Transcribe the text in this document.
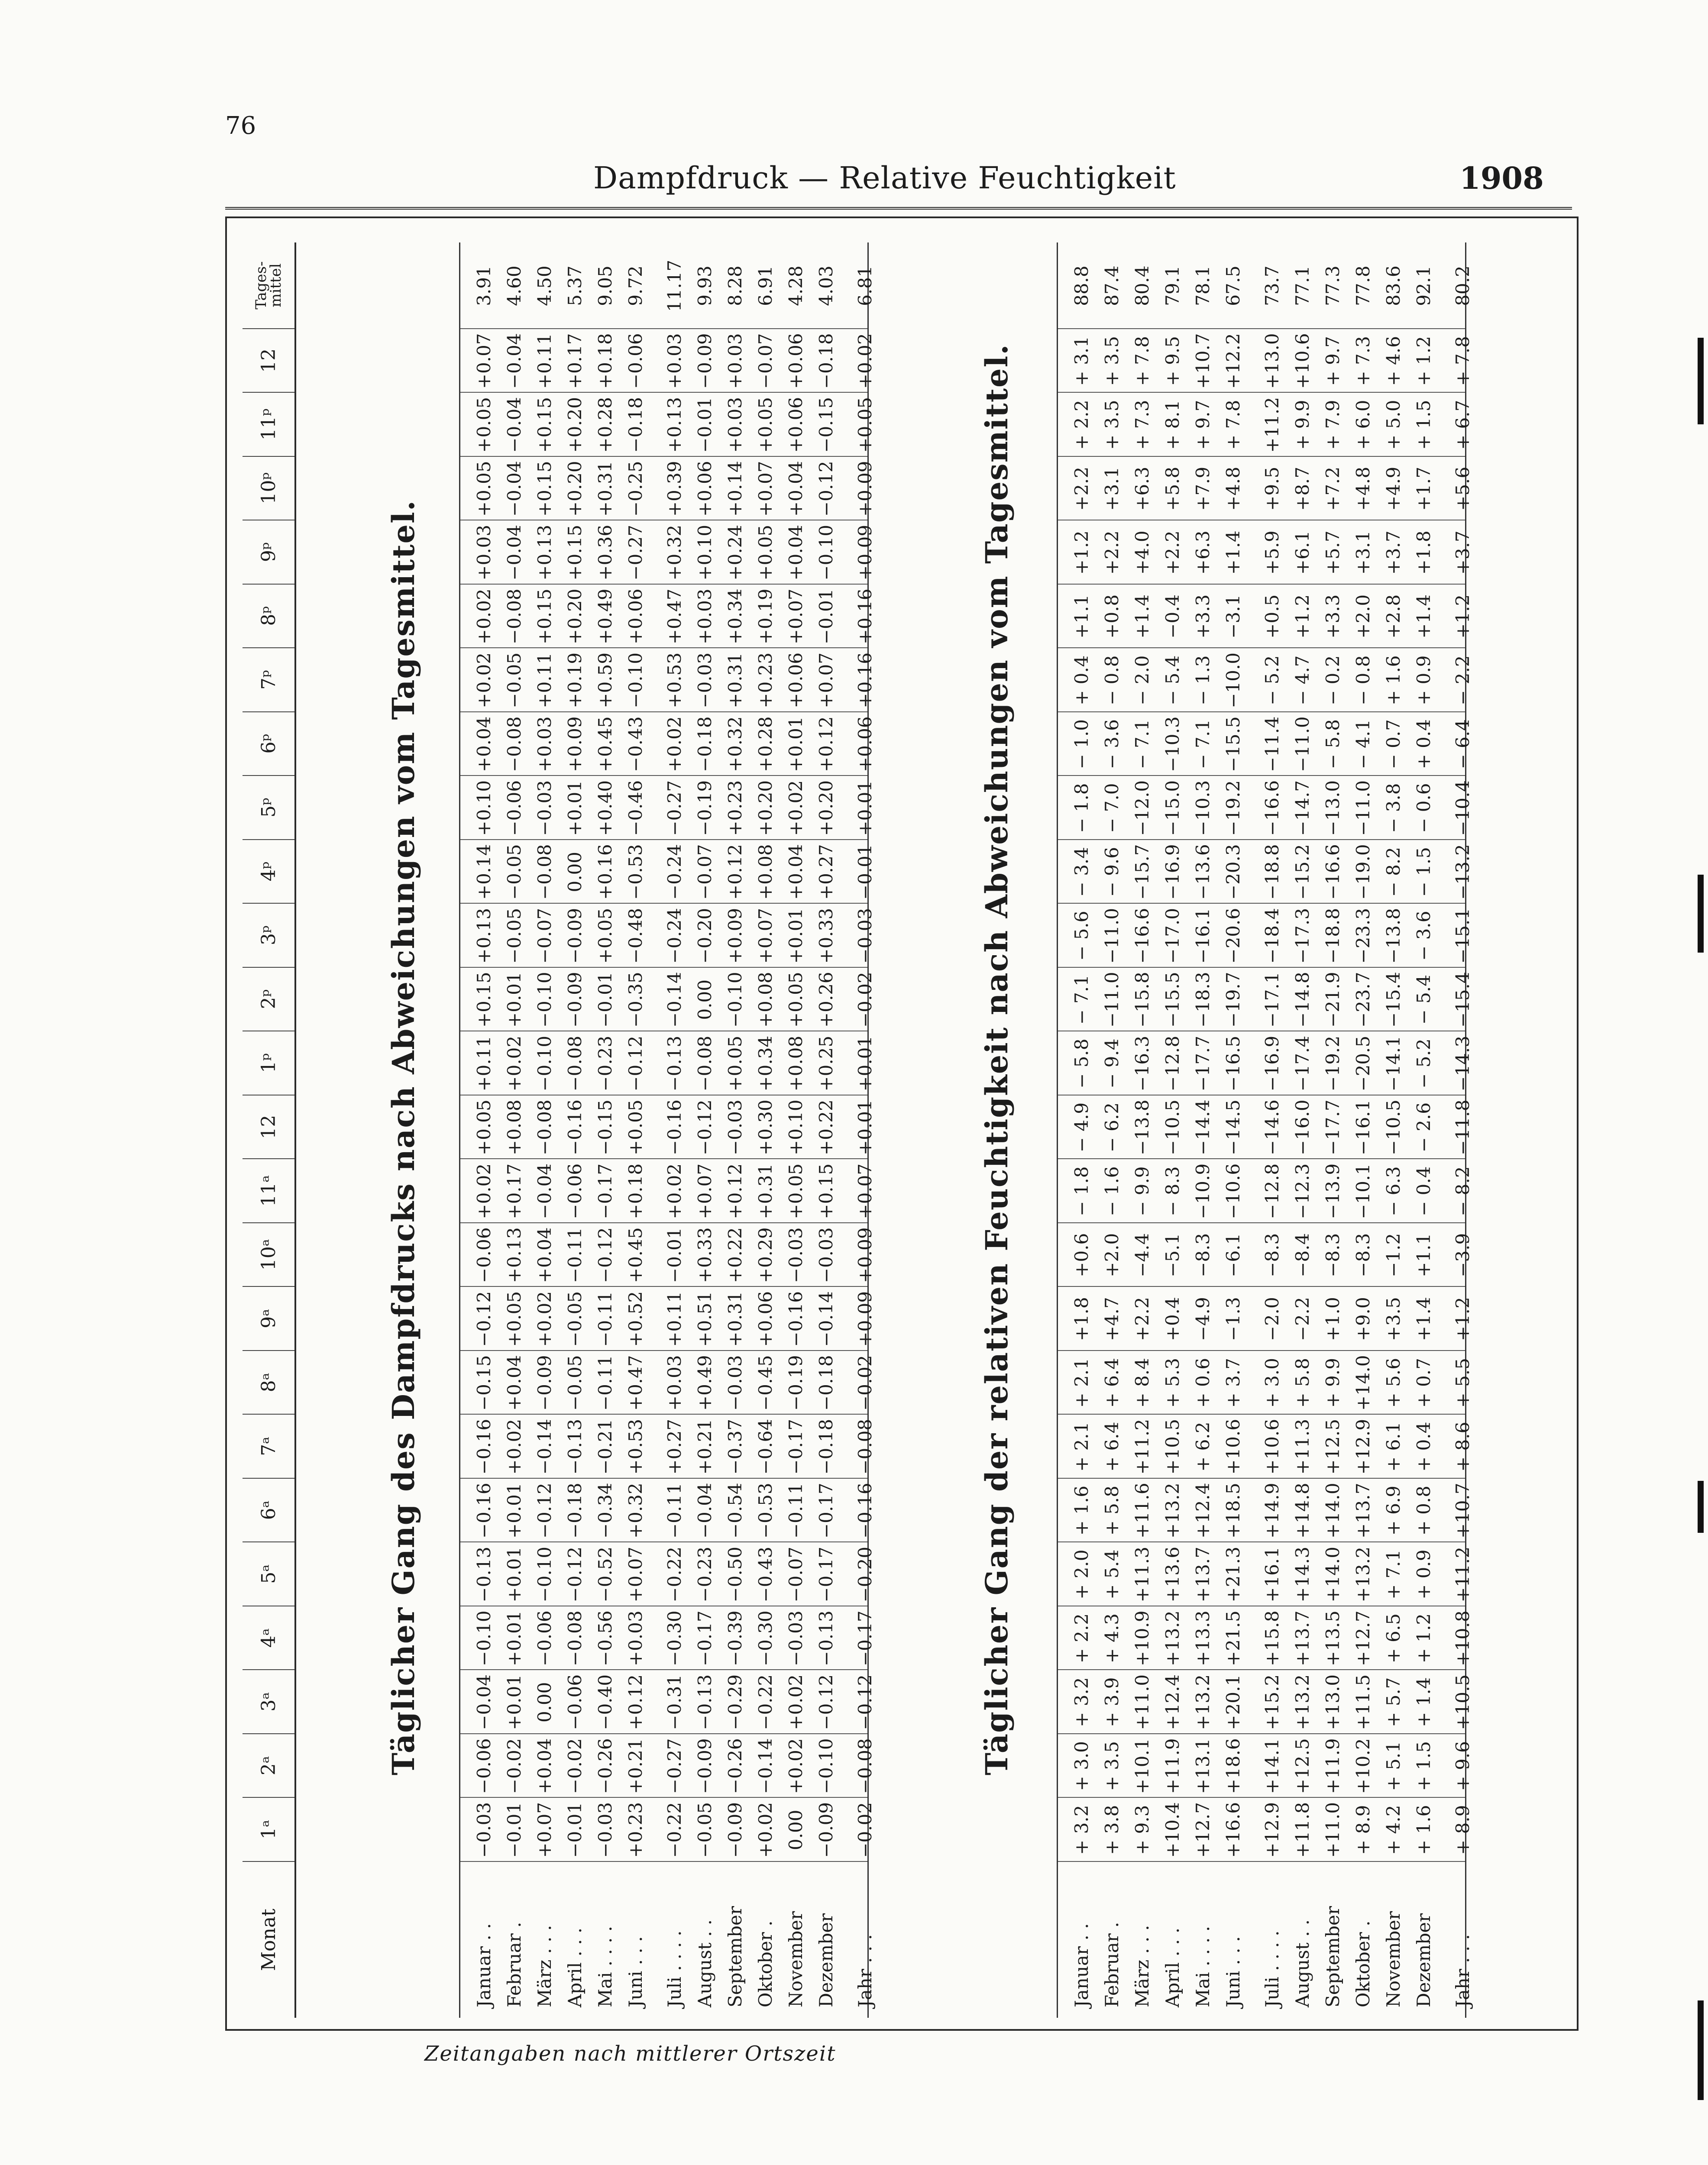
76
Dampfdruck — Relative Feuchtigkeit	1908
Monat
1ᵃ
2ᵃ
3ᵃ
4ᵃ
5ᵃ
6ᵃ
7ᵃ
8ᵃ
9ᵃ
10ᵃ
11ᵃ
12
1ᵖ
2ᵖ
3ᵖ
4ᵖ
5ᵖ
6ᵖ
7ᵖ
8ᵖ
9ᵖ
10ᵖ
11ᵖ
12
Tages-mittel
Täglicher Gang des Dampfdrucks nach Abweichungen vom Tagesmittel.
Januar . .
−0.03
−0.06
−0.04
−0.10
−0.13
−0.16
−0.16
−0.15
−0.12
−0.06
+0.02
+0.05
+0.11
+0.15
+0.13
+0.14
+0.10
+0.04
+0.02
+0.02
+0.03
+0.05
+0.05
+0.07
3.91
Februar .
−0.01
−0.02
+0.01
+0.01
+0.01
+0.01
+0.02
+0.04
+0.05
+0.13
+0.17
+0.08
+0.02
+0.01
−0.05
−0.05
−0.06
−0.08
−0.05
−0.08
−0.04
−0.04
−0.04
−0.04
4.60
März . . .
+0.07
+0.04
0.00
−0.06
−0.10
−0.12
−0.14
−0.09
+0.02
+0.04
−0.04
−0.08
−0.10
−0.10
−0.07
−0.08
−0.03
+0.03
+0.11
+0.15
+0.13
+0.15
+0.15
+0.11
4.50
April . . .
−0.01
−0.02
−0.06
−0.08
−0.12
−0.18
−0.13
−0.05
−0.05
−0.11
−0.06
−0.16
−0.08
−0.09
−0.09
0.00
+0.01
+0.09
+0.19
+0.20
+0.15
+0.20
+0.20
+0.17
5.37
Mai . . . .
−0.03
−0.26
−0.40
−0.56
−0.52
−0.34
−0.21
−0.11
−0.11
−0.12
−0.17
−0.15
−0.23
−0.01
+0.05
+0.16
+0.40
+0.45
+0.59
+0.49
+0.36
+0.31
+0.28
+0.18
9.05
Juni . . .
+0.23
+0.21
+0.12
+0.03
+0.07
+0.32
+0.53
+0.47
+0.52
+0.45
+0.18
+0.05
−0.12
−0.35
−0.48
−0.53
−0.46
−0.43
−0.10
+0.06
−0.27
−0.25
−0.18
−0.06
9.72
Juli . . . .
−0.22
−0.27
−0.31
−0.30
−0.22
−0.11
+0.27
+0.03
+0.11
−0.01
+0.02
−0.16
−0.13
−0.14
−0.24
−0.24
−0.27
+0.02
+0.53
+0.47
+0.32
+0.39
+0.13
+0.03
11.17
August . .
−0.05
−0.09
−0.13
−0.17
−0.23
−0.04
+0.21
+0.49
+0.51
+0.33
+0.07
−0.12
−0.08
0.00
−0.20
−0.07
−0.19
−0.18
−0.03
+0.03
+0.10
+0.06
−0.01
−0.09
9.93
September
−0.09
−0.26
−0.29
−0.39
−0.50
−0.54
−0.37
−0.03
+0.31
+0.22
+0.12
−0.03
+0.05
−0.10
+0.09
+0.12
+0.23
+0.32
+0.31
+0.34
+0.24
+0.14
+0.03
+0.03
8.28
Oktober .
+0.02
−0.14
−0.22
−0.30
−0.43
−0.53
−0.64
−0.45
+0.06
+0.29
+0.31
+0.30
+0.34
+0.08
+0.07
+0.08
+0.20
+0.28
+0.23
+0.19
+0.05
+0.07
+0.05
−0.07
6.91
November
0.00
+0.02
+0.02
−0.03
−0.07
−0.11
−0.17
−0.19
−0.16
−0.03
+0.05
+0.10
+0.08
+0.05
+0.01
+0.04
+0.02
+0.01
+0.06
+0.07
+0.04
+0.04
+0.06
+0.06
4.28
Dezember
−0.09
−0.10
−0.12
−0.13
−0.17
−0.17
−0.18
−0.18
−0.14
−0.03
+0.15
+0.22
+0.25
+0.26
+0.33
+0.27
+0.20
+0.12
+0.07
−0.01
−0.10
−0.12
−0.15
−0.18
4.03
Jahr . . .
−0.02
−0.08
−0.12
−0.17
−0.20
−0.16
−0.08
−0.02
+0.09
+0.09
+0.07
+0.01
+0.01
−0.02
−0.03
−0.01
+0.01
+0.06
+0.16
+0.16
+0.09
+0.09
+0.05
+0.02
6.81
Täglicher Gang der relativen Feuchtigkeit nach Abweichungen vom Tagesmittel.
Januar . .
+ 3.2
+ 3.0
+ 3.2
+ 2.2
+ 2.0
+ 1.6
+ 2.1
+ 2.1
+1.8
+0.6
− 1.8
− 4.9
− 5.8
− 7.1
− 5.6
− 3.4
− 1.8
− 1.0
+ 0.4
+1.1
+1.2
+2.2
+ 2.2
+ 3.1
88.8
Februar .
+ 3.8
+ 3.5
+ 3.9
+ 4.3
+ 5.4
+ 5.8
+ 6.4
+ 6.4
+4.7
+2.0
− 1.6
− 6.2
− 9.4
−11.0
−11.0
− 9.6
− 7.0
− 3.6
− 0.8
+0.8
+2.2
+3.1
+ 3.5
+ 3.5
87.4
März . . .
+ 9.3
+10.1
+11.0
+10.9
+11.3
+11.6
+11.2
+ 8.4
+2.2
−4.4
− 9.9
−13.8
−16.3
−15.8
−16.6
−15.7
−12.0
− 7.1
− 2.0
+1.4
+4.0
+6.3
+ 7.3
+ 7.8
80.4
April . . .
+10.4
+11.9
+12.4
+13.2
+13.6
+13.2
+10.5
+ 5.3
+0.4
−5.1
− 8.3
−10.5
−12.8
−15.5
−17.0
−16.9
−15.0
−10.3
− 5.4
−0.4
+2.2
+5.8
+ 8.1
+ 9.5
79.1
Mai . . . .
+12.7
+13.1
+13.2
+13.3
+13.7
+12.4
+ 6.2
+ 0.6
−4.9
−8.3
−10.9
−14.4
−17.7
−18.3
−16.1
−13.6
−10.3
− 7.1
− 1.3
+3.3
+6.3
+7.9
+ 9.7
+10.7
78.1
Juni . . .
+16.6
+18.6
+20.1
+21.5
+21.3
+18.5
+10.6
+ 3.7
−1.3
−6.1
−10.6
−14.5
−16.5
−19.7
−20.6
−20.3
−19.2
−15.5
−10.0
−3.1
+1.4
+4.8
+ 7.8
+12.2
67.5
Juli . . . .
+12.9
+14.1
+15.2
+15.8
+16.1
+14.9
+10.6
+ 3.0
−2.0
−8.3
−12.8
−14.6
−16.9
−17.1
−18.4
−18.8
−16.6
−11.4
− 5.2
+0.5
+5.9
+9.5
+11.2
+13.0
73.7
August . .
+11.8
+12.5
+13.2
+13.7
+14.3
+14.8
+11.3
+ 5.8
−2.2
−8.4
−12.3
−16.0
−17.4
−14.8
−17.3
−15.2
−14.7
−11.0
− 4.7
+1.2
+6.1
+8.7
+ 9.9
+10.6
77.1
September
+11.0
+11.9
+13.0
+13.5
+14.0
+14.0
+12.5
+ 9.9
+1.0
−8.3
−13.9
−17.7
−19.2
−21.9
−18.8
−16.6
−13.0
− 5.8
− 0.2
+3.3
+5.7
+7.2
+ 7.9
+ 9.7
77.3
Oktober .
+ 8.9
+10.2
+11.5
+12.7
+13.2
+13.7
+12.9
+14.0
+9.0
−8.3
−10.1
−16.1
−20.5
−23.7
−23.3
−19.0
−11.0
− 4.1
− 0.8
+2.0
+3.1
+4.8
+ 6.0
+ 7.3
77.8
November
+ 4.2
+ 5.1
+ 5.7
+ 6.5
+ 7.1
+ 6.9
+ 6.1
+ 5.6
+3.5
−1.2
− 6.3
−10.5
−14.1
−15.4
−13.8
− 8.2
− 3.8
− 0.7
+ 1.6
+2.8
+3.7
+4.9
+ 5.0
+ 4.6
83.6
Dezember
+ 1.6
+ 1.5
+ 1.4
+ 1.2
+ 0.9
+ 0.8
+ 0.4
+ 0.7
+1.4
+1.1
− 0.4
− 2.6
− 5.2
− 5.4
− 3.6
− 1.5
− 0.6
+ 0.4
+ 0.9
+1.4
+1.8
+1.7
+ 1.5
+ 1.2
92.1
Jahr . . .
+ 8.9
+ 9.6
+10.5
+10.8
+11.2
+10.7
+ 8.6
+ 5.5
+1.2
−3.9
− 8.2
−11.8
−14.3
−15.4
−15.1
−13.2
−10.4
− 6.4
− 2.2
+1.2
+3.7
+5.6
+ 6.7
+ 7.8
80.2
Zeitangaben nach mittlerer Ortszeit
